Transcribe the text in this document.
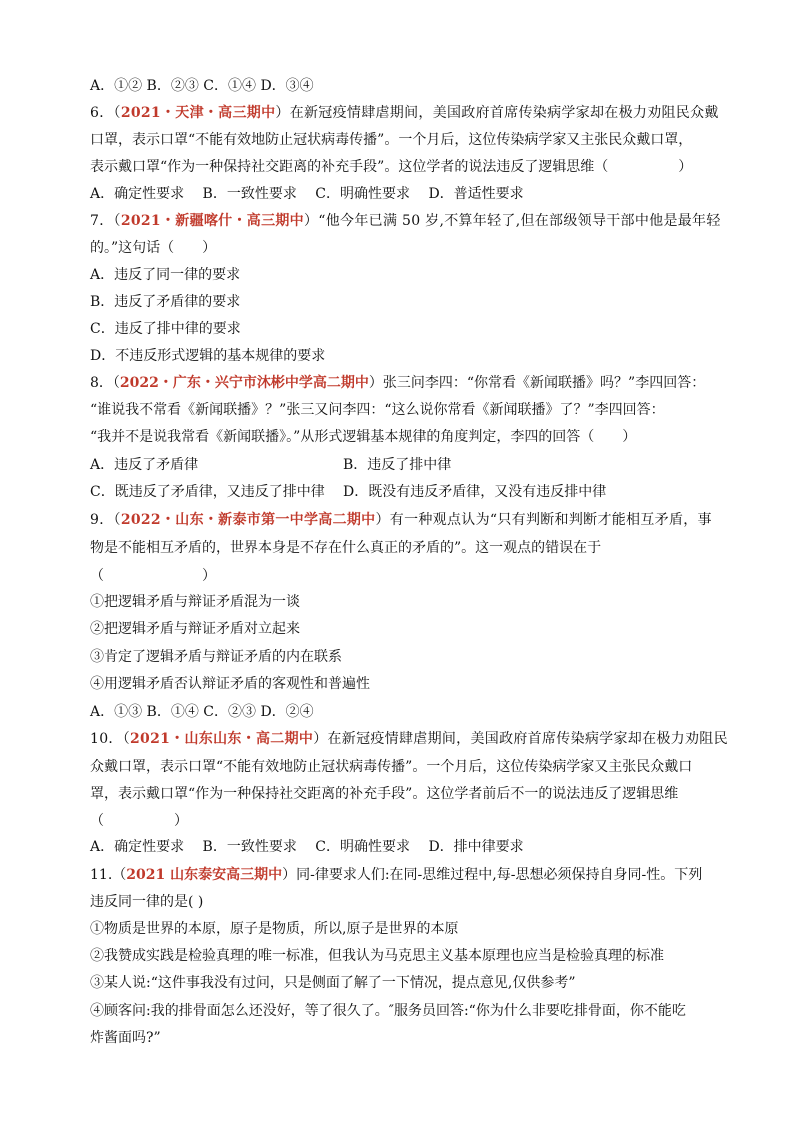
A．①② B．②③ C．①④ D．③④
6．（2021・天津・高三期中）在新冠疫情肆虐期间，美国政府首席传染病学家却在极力劝阻民众戴
口罩，表示口罩“不能有效地防止冠状病毒传播”。一个月后，这位传染病学家又主张民众戴口罩，
表示戴口罩“作为一种保持社交距离的补充手段”。这位学者的说法违反了逻辑思维（　　　　　）
A．确定性要求　 B．一致性要求　 C．明确性要求　 D．普适性要求
7．（2021・新疆喀什・高三期中）“他今年已满 50 岁,不算年轻了,但在部级领导干部中他是最年轻
的。”这句话（　　）
A．违反了同一律的要求
B．违反了矛盾律的要求
C．违反了排中律的要求
D．不违反形式逻辑的基本规律的要求
8．（2022・广东・兴宁市沐彬中学高二期中）张三问李四：“你常看《新闻联播》吗？”李四回答：
“谁说我不常看《新闻联播》？”张三又问李四：“这么说你常看《新闻联播》了？”李四回答：
“我并不是说我常看《新闻联播》。”从形式逻辑基本规律的角度判定，李四的回答（　　）
A．违反了矛盾律	B．违反了排中律
C．既违反了矛盾律，又违反了排中律 D．既没有违反矛盾律，又没有违反排中律
9．（2022・山东・新泰市第一中学高二期中）有一种观点认为“只有判断和判断才能相互矛盾，事
物是不能相互矛盾的，世界本身是不存在什么真正的矛盾的”。这一观点的错误在于
（　　　　　　　）
①把逻辑矛盾与辩证矛盾混为一谈
②把逻辑矛盾与辩证矛盾对立起来
③肯定了逻辑矛盾与辩证矛盾的内在联系
④用逻辑矛盾否认辩证矛盾的客观性和普遍性
A．①③ B．①④ C．②③ D．②④
10．（2021・山东山东・高二期中）在新冠疫情肆虐期间，美国政府首席传染病学家却在极力劝阻民
众戴口罩，表示口罩“不能有效地防止冠状病毒传播”。一个月后，这位传染病学家又主张民众戴口
罩，表示戴口罩“作为一种保持社交距离的补充手段”。这位学者前后不一的说法违反了逻辑思维
（　　　　　）
A．确定性要求　 B．一致性要求　 C．明确性要求　 D．排中律要求
11.（2021 山东泰安高三期中）同-律要求人们:在同-思维过程中,每-思想必须保持自身同-性。下列
违反同一律的是( )
①物质是世界的本原，原子是物质，所以,原子是世界的本原
②我赞成实践是检验真理的唯一标准，但我认为马克思主义基本原理也应当是检验真理的标准
③某人说:“这件事我没有过问，只是侧面了解了一下情况，提点意见,仅供参考”
④顾客问:我的排骨面怎么还没好，等了很久了。″服务员回答:“你为什么非要吃排骨面，你不能吃
炸酱面吗?”
